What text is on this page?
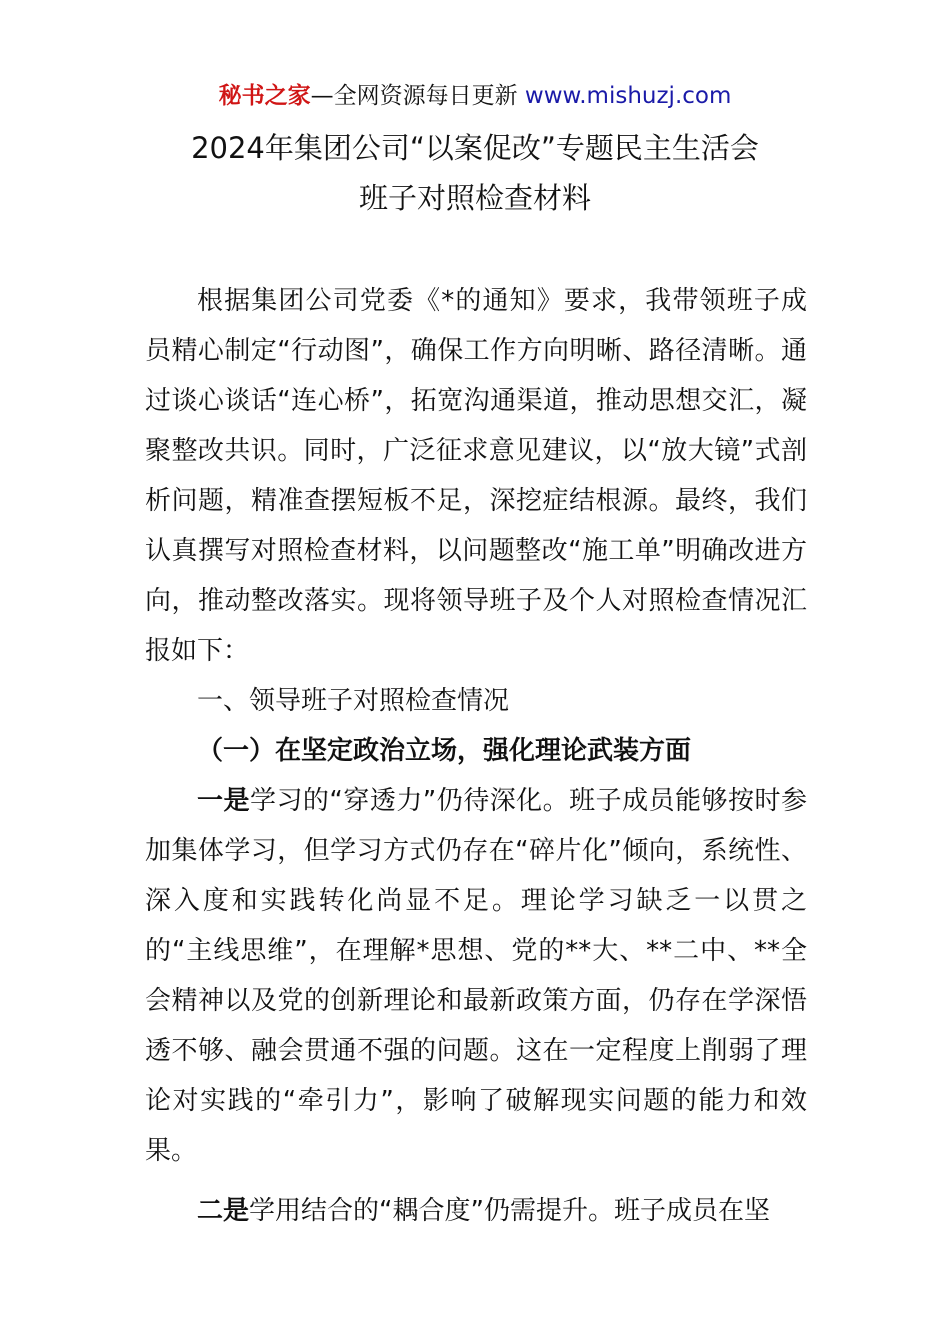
秘书之家—全网资源每日更新 www.mishuzj.com
2024年集团公司“以案促改”专题民主生活会
班子对照检查材料

根据集团公司党委《*的通知》要求，我带领班子成员精心制定“行动图”，确保工作方向明晰、路径清晰。通过谈心谈话“连心桥”，拓宽沟通渠道，推动思想交汇，凝聚整改共识。同时，广泛征求意见建议，以“放大镜”式剖析问题，精准查摆短板不足，深挖症结根源。最终，我们认真撰写对照检查材料，以问题整改“施工单”明确改进方向，推动整改落实。现将领导班子及个人对照检查情况汇报如下：

一、领导班子对照检查情况

（一）在坚定政治立场，强化理论武装方面

一是学习的“穿透力”仍待深化。班子成员能够按时参加集体学习，但学习方式仍存在“碎片化”倾向，系统性、深入度和实践转化尚显不足。理论学习缺乏一以贯之的“主线思维”，在理解*思想、党的**大、**二中、**全会精神以及党的创新理论和最新政策方面，仍存在学深悟透不够、融会贯通不强的问题。这在一定程度上削弱了理论对实践的“牵引力”，影响了破解现实问题的能力和效果。

二是学用结合的“耦合度”仍需提升。班子成员在坚
